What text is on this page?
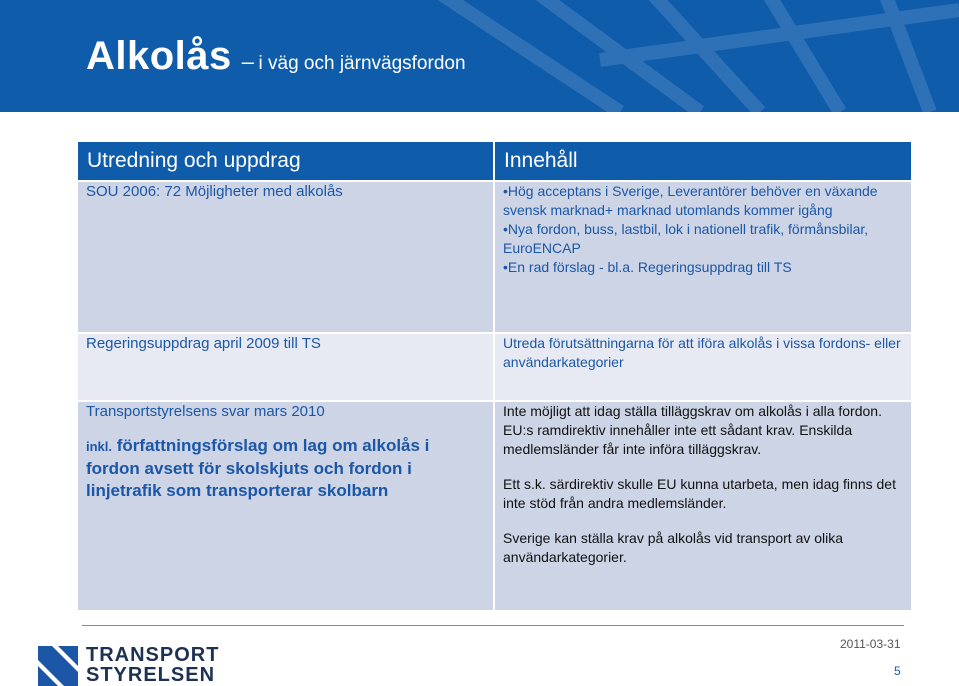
Alkolås – i väg och järnvägsfordon
Utredning och uppdrag	Innehåll
SOU 2006: 72 Möjligheter med alkolås	•Hög acceptans i Sverige, Leverantörer behöver en växande svensk marknad+ marknad utomlands kommer igång
•Nya fordon, buss, lastbil, lok i nationell trafik, förmånsbilar, EuroENCAP
•En rad förslag - bl.a. Regeringsuppdrag till TS

Regeringsuppdrag april 2009 till TS	Utreda förutsättningarna för att iföra alkolås i vissa fordons- eller användarkategorier

Transportstyrelsens svar mars 2010
inkl. författningsförslag om lag om alkolås i fordon avsett för skolskjuts och fordon i linjetrafik som transporterar skolbarn	Inte möjligt att idag ställa tilläggskrav om alkolås i alla fordon. EU:s ramdirektiv innehåller inte ett sådant krav. Enskilda medlemsländer får inte införa tilläggskrav.
Ett s.k. särdirektiv skulle EU kunna utarbeta, men idag finns det inte stöd från andra medlemsländer.
Sverige kan ställa krav på alkolås vid transport av olika användarkategorier.
TRANSPORT
STYRELSEN
2011-03-31
5
